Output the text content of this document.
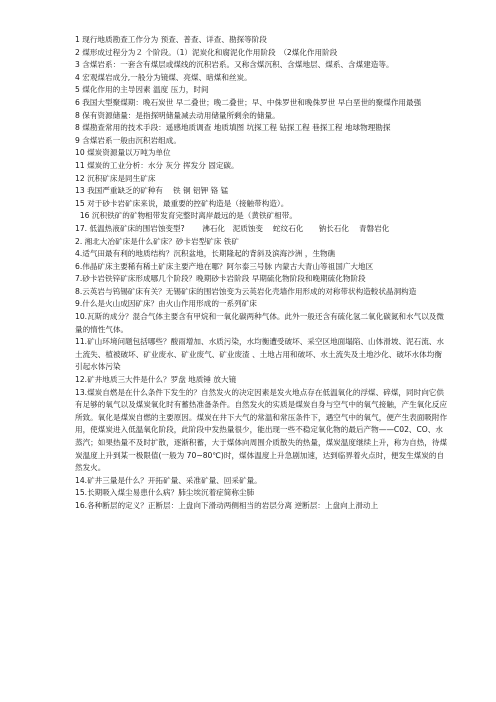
1 现行地质勘查工作分为 预查、普查、详查、勘探等阶段
2 煤形成过程分为２ 个阶段。（1）泥炭化和腐泥化作用阶段　（2煤化作用阶段
3 含煤岩系：一套含有煤层或煤线的沉积岩系。又称含煤沉积、含煤地层、煤系、含煤建造等。
4 宏观煤岩成分,一般分为镜煤、亮煤、暗煤和丝炭。
5 煤化作用的主导因素 温度 压力，时间
6 我国大型聚煤期：晚石炭世 早二叠世；晚二叠世；早、中侏罗世和晚侏罗世 早白垩世的聚煤作用最强
8 保有资源储量：是指探明储量减去动用储量所剩余的储量。
8 煤勘查常用的技术手段：遥感地质调查 地质填图 坑探工程 钻探工程 巷探工程 地球物理勘探
9 含煤岩系一般由沉积岩组成。
10 煤炭资源量以万吨为单位
11 煤炭的工业分析：水分 灰分 挥发分 固定碳。
12 沉积矿床是同生矿床
13 我国严重缺乏的矿种有　 铁 铜 铝钾 铬 锰
15 对于砂卡岩矿床来说，最重要的控矿构造是（接触带构造）。
16 沉积铁矿的矿物相带发育完整时离岸最远的是（黄铁矿相带。
17. 低温热液矿床的围岩蚀变型?　　 沸石化　泥质蚀变　 蛇纹石化　　钠长石化　 青磐岩化
2. 湘北大冶矿床是什么矿床？砂卡岩型矿床 铁矿
4.适气田最有利的地质结构？沉积盆地，长期隆起的背斜及滨海沙洲 ，生物礁
6.伟晶矿床主要稀有稀土矿床主要产地在哪？阿尔泰三号脉 内蒙古大青山等祖国广大地区
7.砂卡岩铁锌矿床形成哪几个阶段？晚期砂卡岩阶段 早期硫化物阶段和晚期硫化物阶段
8.云英岩与钨锡矿床有关？无锡矿床的围岩蚀变为云英岩化壳墙作用形成的对称带状构造較状晶洞构造
9.什么是火山成因矿床？由火山作用形成的一系列矿床
10.瓦斯的成分？混合气体主要含有甲烷和一氧化碳两种气体。此外一般还含有硫化氢二氧化碳氮和水气以及微量的惰性气体。
11.矿山环境问题包括哪些？酸雨增加、水质污染，水均衡遭受破坏、采空区地面塌陷、山体滑坡、泥石流、水土流失、植被破坏、矿业废水、矿业废气、矿业废渣 、土地占用和破坏、水土流失及土地沙化、破坏水体均衡引起水体污染
12.矿井地质三大件是什么？罗盘 地质锤 放大镜
13.煤炭自燃是在什么条件下发生的？自然发火的决定因素是发火地点存在低温氧化的浮煤、碎煤，同时向它供有足够的氧气以及煤炭氧化时有蓄热准备条件。自然发火的实质是煤炭自身与空气中的氧气接触，产生氧化反应所致。氧化是煤炭自燃的主要原因。煤炭在井下大气的常温和常压条件下，遇空气中的氧气，便产生表面吸附作用，使煤炭进入低温氧化阶段，此阶段中发热量很少，能出现一些不稳定氧化物的最后产物——C02、CO、水蒸汽；如果热量不及时扩散，逐渐积蓄，大于煤体向周围介质散失的热量，煤炭温度继续上升，称为自热，待煤炭温度上升到某一极限值(一般为 70~80℃)时，煤体温度上升急剧加速，达到临界着火点时，便发生煤炭的自然发火。
14.矿井三量是什么？开拓矿量、采准矿量、回采矿量。
15.长期吸入煤尘易患什么病？肺尘埃沉着症简称尘肺
16.各种断层的定义？正断层：上盘向下滑动两侧相当的岩层分离 逆断层：上盘向上滑动上
